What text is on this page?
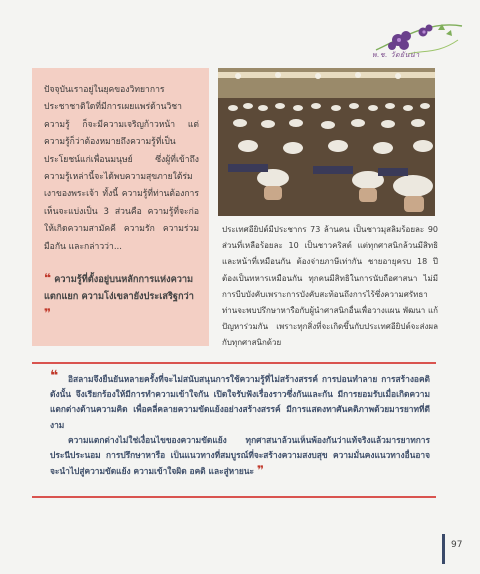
พ.ช. วัดยันน่า
ปัจจุบันเราอยู่ในยุคของวิทยาการประชาชาติใดที่มีการเผยแพร่ด้านวิชาความรู้ ก็จะมีความเจริญก้าวหน้า แต่ความรู้ก็ว่าต้องหมายถึงความรู้ที่เป็นประโยชน์แก่เพื่อนมนุษย์ ซึ่งผู้ที่เข้าถึงความรู้เหล่านี้จะได้พบความสุขภายใต้ร่มเงาของพระเจ้า ทั้งนี้ ความรู้ที่ท่านต้องการเห็นจะแบ่งเป็น 3 ส่วนคือ ความรู้ที่จะก่อให้เกิดความสามัคคี ความรัก ความร่วมมือกัน และกล่าวว่า...
❝ ความรู้ที่ตั้งอยู่บนหลักการแห่งความแตกแยก ความโง่เขลายังประเสริฐกว่า ❞
ประเทศอียิปต์มีประชากร 73 ล้านคน เป็นชาวมุสลิมร้อยละ 90 ส่วนที่เหลือร้อยละ 10 เป็นชาวคริสต์ แต่ทุกศาสนิกล้วนมีสิทธิและหน้าที่เหมือนกัน ต้องจ่ายภาษีเท่ากัน ชายอายุครบ 18 ปี ต้องเป็นทหารเหมือนกัน ทุกคนมีสิทธิในการนับถือศาสนา ไม่มีการบีบบังคับเพราะการบังคับสะท้อนถึงการไร้ซึ่งความศรัทธา ท่านจะพบปรึกษาหารือกับผู้นำศาสนิกอื่นเพื่อวางแผน พัฒนา แก้ปัญหาร่วมกัน เพราะทุกสิ่งที่จะเกิดขึ้นกับประเทศอียิปต์จะส่งผลกับทุกศาสนิกด้วย
❝	อิสลามจึงยืนยันหลายครั้งที่จะไม่สนับสนุนการใช้ความรู้ที่ไม่สร้างสรรค์ การบ่อนทำลาย การสร้างอคติ ดังนั้น จึงเรียกร้องให้มีการทำความเข้าใจกัน เปิดใจรับฟังเรื่องราวซึ่งกันและกัน มีการยอมรับเมื่อเกิดความแตกต่างด้านความคิด เพื่อคลี่คลายความขัดแย้งอย่างสร้างสรรค์ มีการแสดงทาศันคติภาพด้วยมารยาทที่ดีงาม

ความแตกต่างไม่ใช่เงื่อนไขของความขัดแย้ง ทุกศาสนาล้วนเห็นพ้องกันว่าแท้จริงแล้วมารยาทการประนีประนอม การปรึกษาหารือ เป็นแนวทางที่สมบูรณ์ที่จะสร้างความสงบสุข ความมั่นคงแนวทางอื่นอาจจะนำไปสู่ความขัดแย้ง ความเข้าใจผิด อคติ และสู่หายนะ ❞

97
